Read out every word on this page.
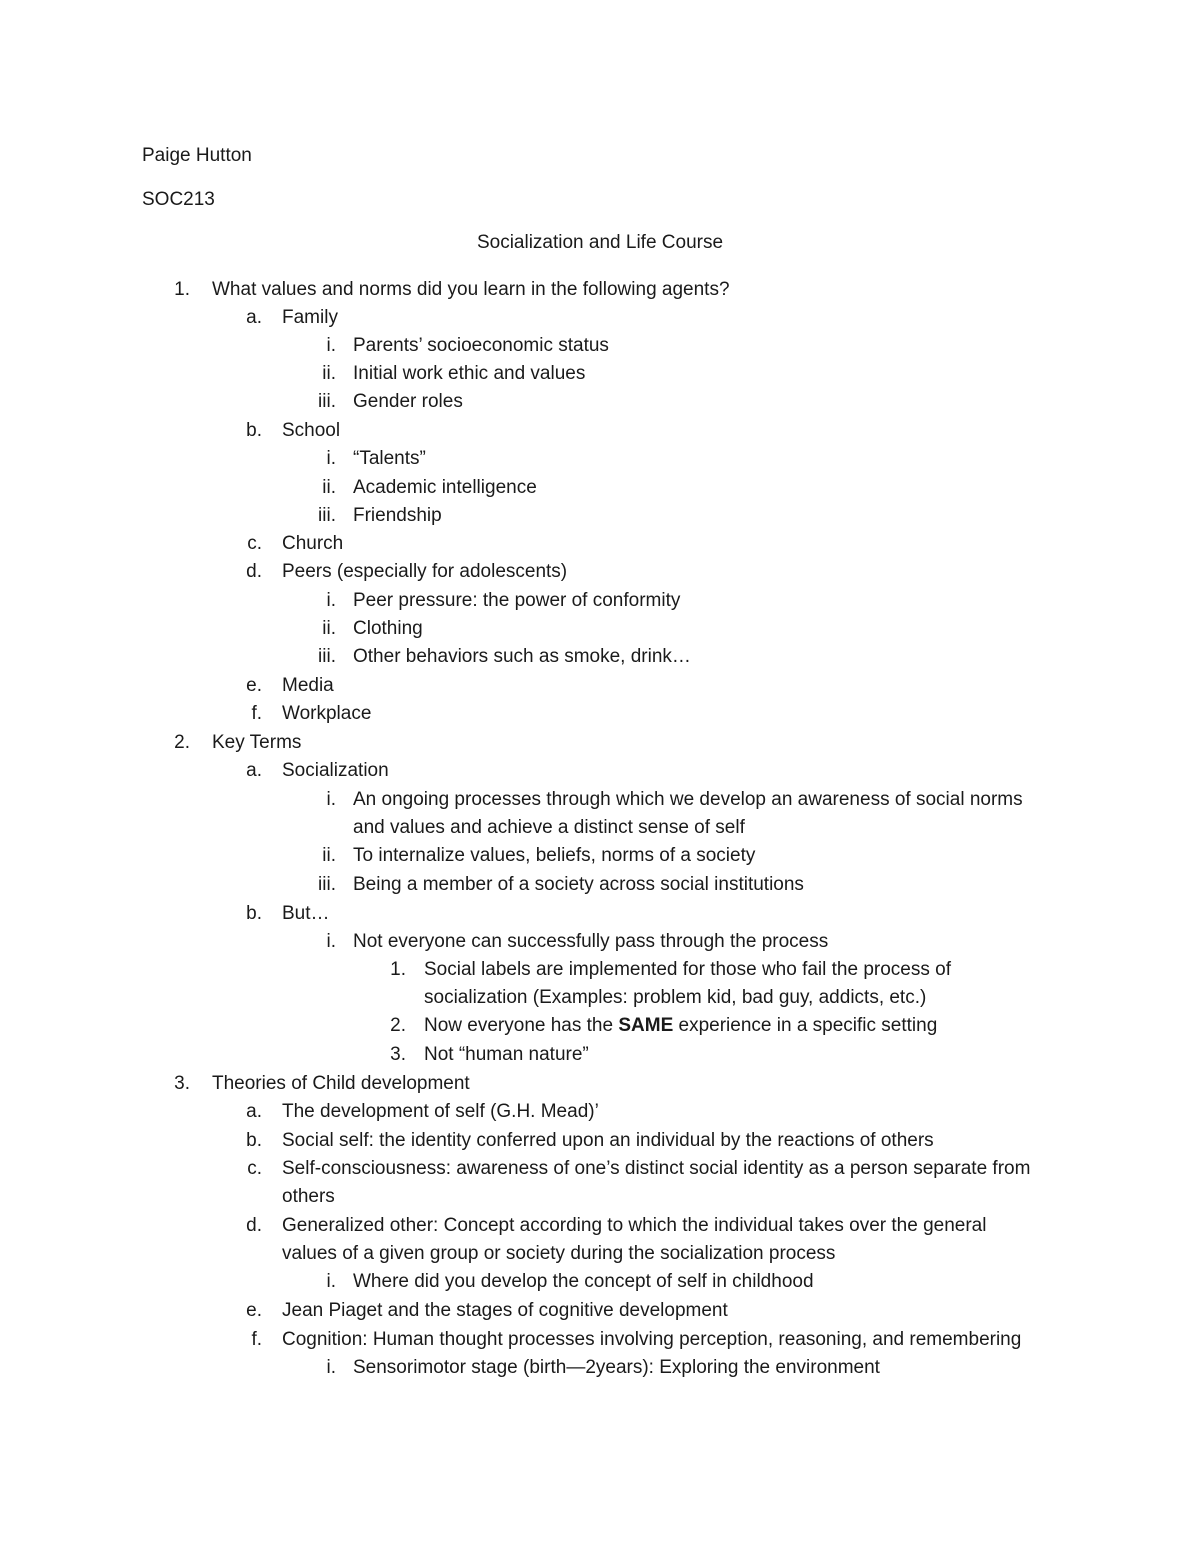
Paige Hutton
SOC213
Socialization and Life Course
1. What values and norms did you learn in the following agents?
a. Family
i. Parents’ socioeconomic status
ii. Initial work ethic and values
iii. Gender roles
b. School
i. “Talents”
ii. Academic intelligence
iii. Friendship
c. Church
d. Peers (especially for adolescents)
i. Peer pressure: the power of conformity
ii. Clothing
iii. Other behaviors such as smoke, drink…
e. Media
f. Workplace
2. Key Terms
a. Socialization
i. An ongoing processes through which we develop an awareness of social norms
and values and achieve a distinct sense of self
ii. To internalize values, beliefs, norms of a society
iii. Being a member of a society across social institutions
b. But…
i. Not everyone can successfully pass through the process
1. Social labels are implemented for those who fail the process of
socialization (Examples: problem kid, bad guy, addicts, etc.)
2. Now everyone has the SAME experience in a specific setting
3. Not “human nature”
3. Theories of Child development
a. The development of self (G.H. Mead)’
b. Social self: the identity conferred upon an individual by the reactions of others
c. Self-consciousness: awareness of one’s distinct social identity as a person separate from
others
d. Generalized other: Concept according to which the individual takes over the general
values of a given group or society during the socialization process
i. Where did you develop the concept of self in childhood
e. Jean Piaget and the stages of cognitive development
f. Cognition: Human thought processes involving perception, reasoning, and remembering
i. Sensorimotor stage (birth—2years): Exploring the environment
